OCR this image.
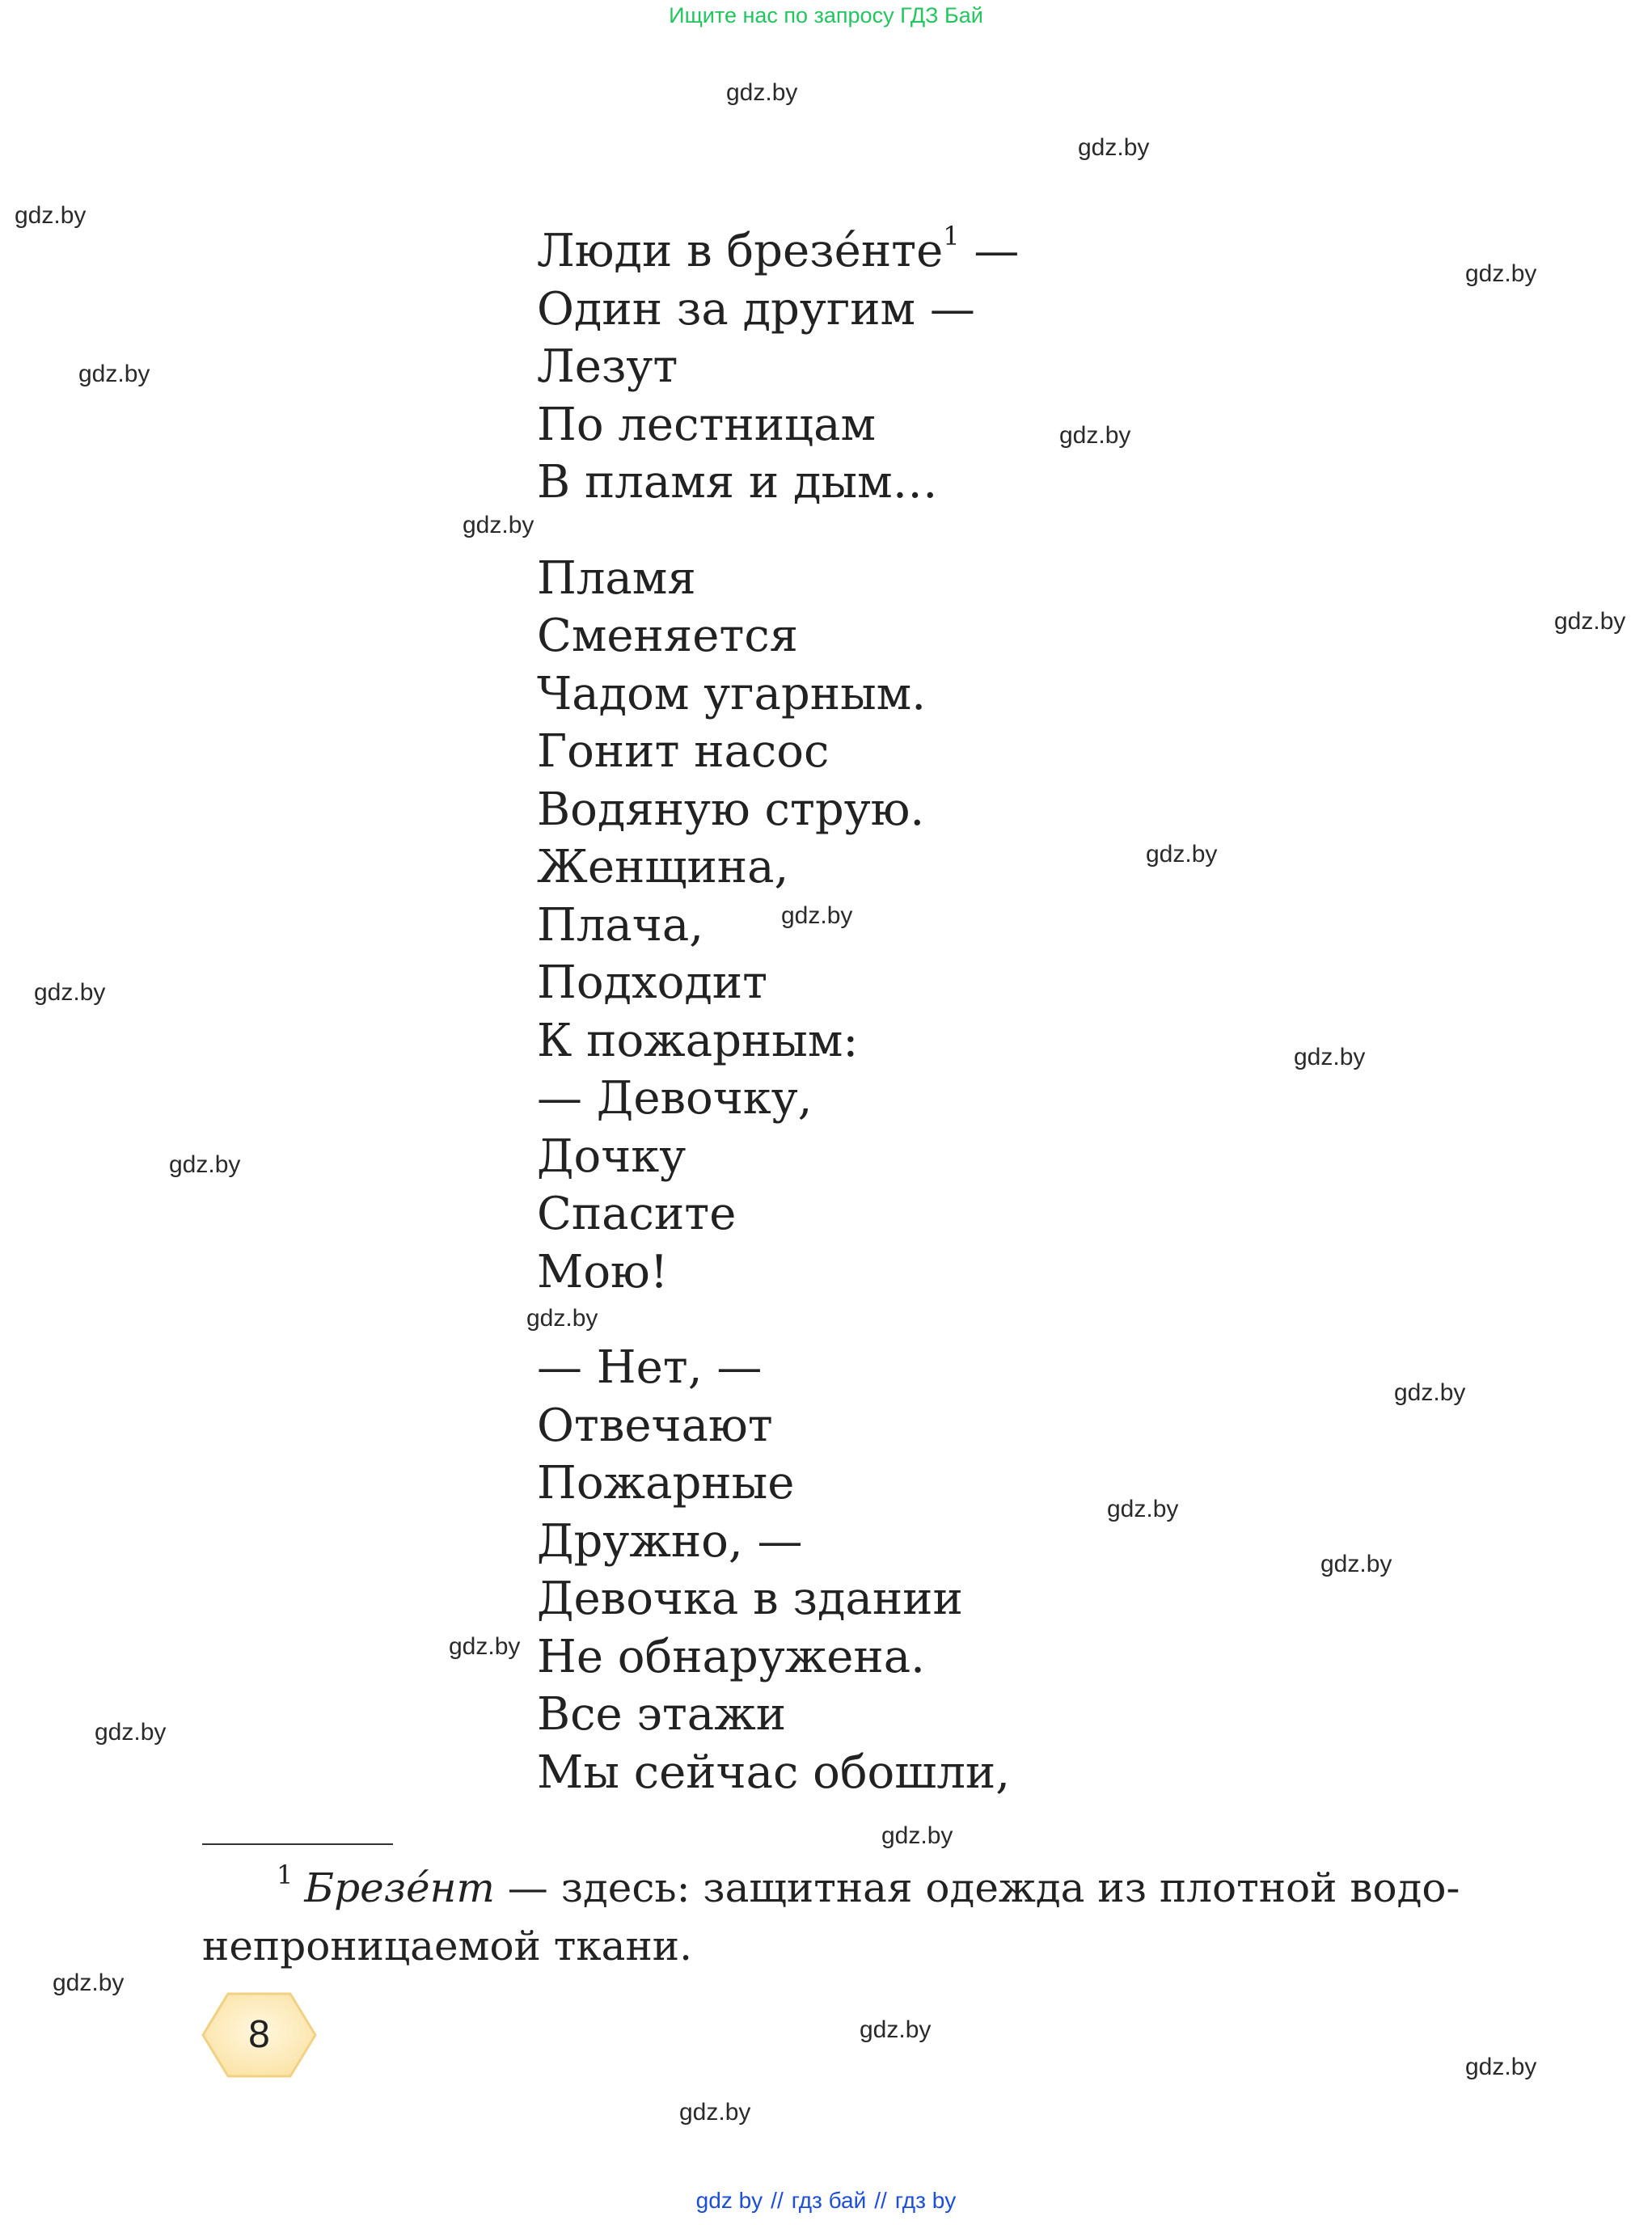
Ищите нас по запросу ГДЗ Бай
gdz.by
gdz.by
gdz.by
gdz.by
gdz.by
gdz.by
gdz.by
gdz.by
gdz.by
gdz.by
gdz.by
gdz.by
gdz.by
gdz.by
gdz.by
gdz.by
gdz.by
gdz.by
gdz.by
gdz.by
gdz.by
gdz.by
gdz.by
gdz.by
Люди в брезенте$^1$ —
Один за другим —
Лезут
По лестницам
В пламя и дым…
Пламя
Сменяется
Чадом угарным.
Гонит насос
Водяную струю.
Женщина,
Плача,
Подходит
К пожарным:
— Девочку,
Дочку
Спасите
Мою!
— Нет, —
Отвечают
Пожарные
Дружно, —
Девочка в здании
Не обнаружена.
Все этажи
Мы сейчас обошли,

$^1$ Брезе́нт — здесь: защитная одежда из плотной водо-

непроницаемой ткани.
8
gdz by // гдз бай // гдз by
